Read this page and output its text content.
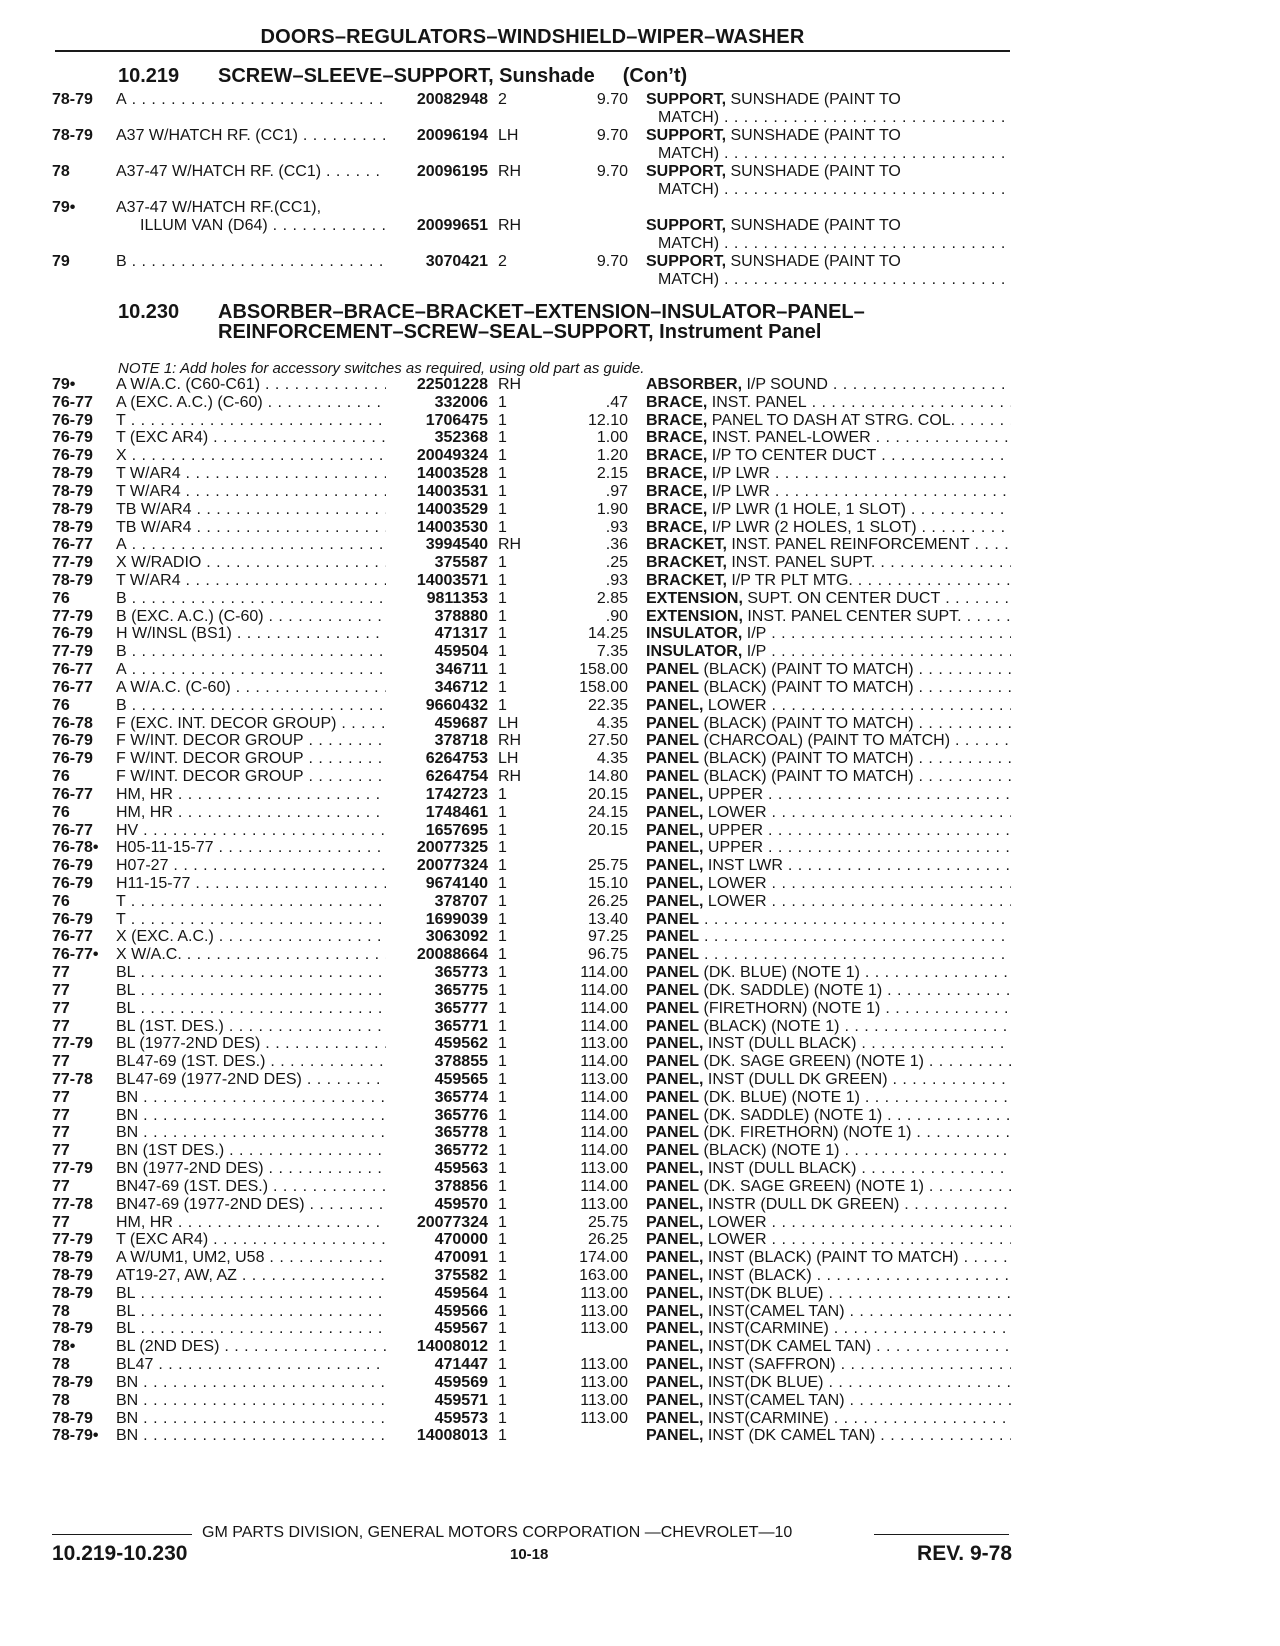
DOORS–REGULATORS–WINDSHIELD–WIPER–WASHER
10.219 SCREW–SLEEVE–SUPPORT, Sunshade (Con’t)
78-79 A . . .	20082948 2	9.70 SUPPORT, SUNSHADE (PAINT TO
MATCH) . . .
78-79 A37 W/HATCH RF. (CC1) . . .	20096194 LH	9.70 SUPPORT, SUNSHADE (PAINT TO
MATCH) . . .
78	A37-47 W/HATCH RF. (CC1) . . .	20096195 RH	9.70 SUPPORT, SUNSHADE (PAINT TO
MATCH) . . .
79•	A37-47 W/HATCH RF.(CC1),
ILLUM VAN (D64) . . .	20099651 RH	SUPPORT, SUNSHADE (PAINT TO
MATCH) . . .
79	B . . .	3070421 2	9.70 SUPPORT, SUNSHADE (PAINT TO
MATCH) . . .
10.230 ABSORBER–BRACE–BRACKET–EXTENSION–INSULATOR–PANEL–
REINFORCEMENT–SCREW–SEAL–SUPPORT, Instrument Panel
NOTE 1: Add holes for accessory switches as required, using old part as guide.
79•	A W/A.C. (C60-C61) . . .	22501228 RH	ABSORBER, I/P SOUND . . .
76-77 A (EXC. A.C.) (C-60) . . .	332006 1	.47 BRACE, INST. PANEL . . .
76-79 T . . .	1706475 1	12.10 BRACE, PANEL TO DASH AT STRG. COL. . . .
76-79 T (EXC AR4) . . .	352368 1	1.00 BRACE, INST. PANEL-LOWER . . .
76-79 X . . .	20049324 1	1.20 BRACE, I/P TO CENTER DUCT . . .
78-79 T W/AR4 . . .	14003528 1	2.15 BRACE, I/P LWR . . .
78-79 T W/AR4 . . .	14003531 1	.97 BRACE, I/P LWR . . .
78-79 TB W/AR4 . . .	14003529 1	1.90 BRACE, I/P LWR (1 HOLE, 1 SLOT) . . .
78-79 TB W/AR4 . . .	14003530 1	.93 BRACE, I/P LWR (2 HOLES, 1 SLOT) . . .
76-77 A . . .	3994540 RH	.36 BRACKET, INST. PANEL REINFORCEMENT . . .
77-79 X W/RADIO . . .	375587 1	.25 BRACKET, INST. PANEL SUPT. . . .
78-79 T W/AR4 . . .	14003571 1	.93 BRACKET, I/P TR PLT MTG. . . .
76	B . . .	9811353 1	2.85 EXTENSION, SUPT. ON CENTER DUCT . . .
77-79 B (EXC. A.C.) (C-60) . . .	378880 1	.90 EXTENSION, INST. PANEL CENTER SUPT. . . .
76-79 H W/INSL (BS1) . . .	471317 1	14.25 INSULATOR, I/P . . .
77-79 B . . .	459504 1	7.35 INSULATOR, I/P . . .
76-77 A . . .	346711 1	158.00 PANEL (BLACK) (PAINT TO MATCH) . . .
76-77 A W/A.C. (C-60) . . .	346712 1	158.00 PANEL (BLACK) (PAINT TO MATCH) . . .
76	B . . .	9660432 1	22.35 PANEL, LOWER . . .
76-78 F (EXC. INT. DECOR GROUP) . . .	459687 LH	4.35 PANEL (BLACK) (PAINT TO MATCH) . . .
76-79 F W/INT. DECOR GROUP . . .	378718 RH	27.50 PANEL (CHARCOAL) (PAINT TO MATCH) . . .
76-79 F W/INT. DECOR GROUP . . .	6264753 LH	4.35 PANEL (BLACK) (PAINT TO MATCH) . . .
76	F W/INT. DECOR GROUP . . .	6264754 RH	14.80 PANEL (BLACK) (PAINT TO MATCH) . . .
76-77 HM, HR . . .	1742723 1	20.15 PANEL, UPPER . . .
76	HM, HR . . .	1748461 1	24.15 PANEL, LOWER . . .
76-77 HV . . .	1657695 1	20.15 PANEL, UPPER . . .
76-78• H05-11-15-77 . . .	20077325 1	PANEL, UPPER . . .
76-79 H07-27 . . .	20077324 1	25.75 PANEL, INST LWR . . .
76-79 H11-15-77 . . .	9674140 1	15.10 PANEL, LOWER . . .
76	T . . .	378707 1	26.25 PANEL, LOWER . . .
76-79 T . . .	1699039 1	13.40 PANEL . . .
76-77 X (EXC. A.C.) . . .	3063092 1	97.25 PANEL . . .
76-77• X W/A.C. . . .	20088664 1	96.75 PANEL . . .
77	BL . . .	365773 1	114.00 PANEL (DK. BLUE) (NOTE 1) . . .
77	BL . . .	365775 1	114.00 PANEL (DK. SADDLE) (NOTE 1) . . .
77	BL . . .	365777 1	114.00 PANEL (FIRETHORN) (NOTE 1) . . .
77	BL (1ST. DES.) . . .	365771 1	114.00 PANEL (BLACK) (NOTE 1) . . .
77-79 BL (1977-2ND DES) . . .	459562 1	113.00 PANEL, INST (DULL BLACK) . . .
77	BL47-69 (1ST. DES.) . . .	378855 1	114.00 PANEL (DK. SAGE GREEN) (NOTE 1) . . .
77-78 BL47-69 (1977-2ND DES) . . .	459565 1	113.00 PANEL, INST (DULL DK GREEN) . . .
77	BN . . .	365774 1	114.00 PANEL (DK. BLUE) (NOTE 1) . . .
77	BN . . .	365776 1	114.00 PANEL (DK. SADDLE) (NOTE 1) . . .
77	BN . . .	365778 1	114.00 PANEL (DK. FIRETHORN) (NOTE 1) . . .
77	BN (1ST DES.) . . .	365772 1	114.00 PANEL (BLACK) (NOTE 1) . . .
77-79 BN (1977-2ND DES) . . .	459563 1	113.00 PANEL, INST (DULL BLACK) . . .
77	BN47-69 (1ST. DES.) . . .	378856 1	114.00 PANEL (DK. SAGE GREEN) (NOTE 1) . . .
77-78 BN47-69 (1977-2ND DES) . . .	459570 1	113.00 PANEL, INSTR (DULL DK GREEN) . . .
77	HM, HR . . .	20077324 1	25.75 PANEL, LOWER . . .
77-79 T (EXC AR4) . . .	470000 1	26.25 PANEL, LOWER . . .
78-79 A W/UM1, UM2, U58 . . .	470091 1	174.00 PANEL, INST (BLACK) (PAINT TO MATCH) . . .
78-79 AT19-27, AW, AZ . . .	375582 1	163.00 PANEL, INST (BLACK) . . .
78-79 BL . . .	459564 1	113.00 PANEL, INST(DK BLUE) . . .
78	BL . . .	459566 1	113.00 PANEL, INST(CAMEL TAN) . . .
78-79 BL . . .	459567 1	113.00 PANEL, INST(CARMINE) . . .
78•	BL (2ND DES) . . .	14008012 1	PANEL, INST(DK CAMEL TAN) . . .
78	BL47 . . .	471447 1	113.00 PANEL, INST (SAFFRON) . . .
78-79 BN . . .	459569 1	113.00 PANEL, INST(DK BLUE) . . .
78	BN . . .	459571 1	113.00 PANEL, INST(CAMEL TAN) . . .
78-79 BN . . .	459573 1	113.00 PANEL, INST(CARMINE) . . .
78-79• BN . . .	14008013 1	PANEL, INST (DK CAMEL TAN) . . .
GM PARTS DIVISION, GENERAL MOTORS CORPORATION —CHEVROLET—10
10.219-10.230	10-18	REV. 9-78
